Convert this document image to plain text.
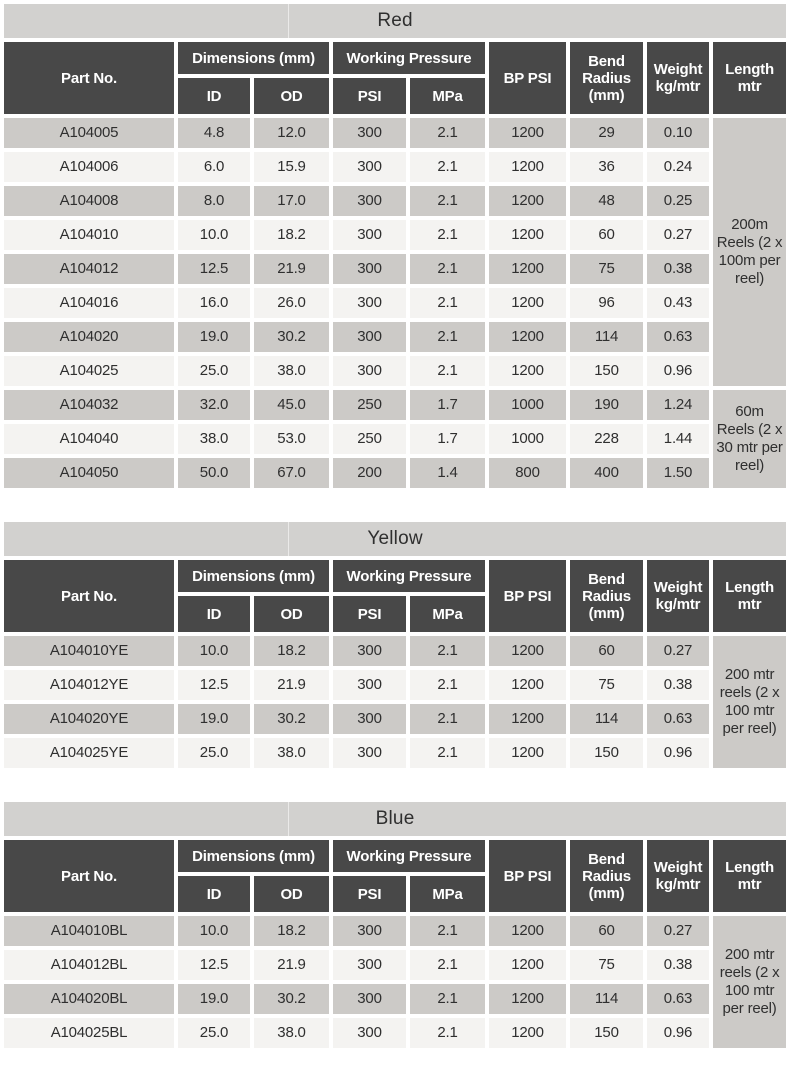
Red								
Part No.	Dimensions (mm)		Working Pressure		BP PSI	Bend Radius (mm)	Weight kg/mtr	Length mtr
	ID	OD	PSI	MPa				
A104005	4.8	12.0	300	2.1	1200	29	0.10	200m Reels (2 x 100m per reel)
A104006	6.0	15.9	300	2.1	1200	36	0.24	
A104008	8.0	17.0	300	2.1	1200	48	0.25	
A104010	10.0	18.2	300	2.1	1200	60	0.27	
A104012	12.5	21.9	300	2.1	1200	75	0.38	
A104016	16.0	26.0	300	2.1	1200	96	0.43	
A104020	19.0	30.2	300	2.1	1200	114	0.63	
A104025	25.0	38.0	300	2.1	1200	150	0.96	
A104032	32.0	45.0	250	1.7	1000	190	1.24	60m Reels (2 x 30 mtr per reel)
A104040	38.0	53.0	250	1.7	1000	228	1.44	
A104050	50.0	67.0	200	1.4	800	400	1.50	
Yellow								
Part No.	Dimensions (mm)		Working Pressure		BP PSI	Bend Radius (mm)	Weight kg/mtr	Length mtr
	ID	OD	PSI	MPa				
A104010YE	10.0	18.2	300	2.1	1200	60	0.27	200 mtr reels (2 x 100 mtr per reel)
A104012YE	12.5	21.9	300	2.1	1200	75	0.38	
A104020YE	19.0	30.2	300	2.1	1200	114	0.63	
A104025YE	25.0	38.0	300	2.1	1200	150	0.96	
Blue								
Part No.	Dimensions (mm)		Working Pressure		BP PSI	Bend Radius (mm)	Weight kg/mtr	Length mtr
	ID	OD	PSI	MPa				
A104010BL	10.0	18.2	300	2.1	1200	60	0.27	200 mtr reels (2 x 100 mtr per reel)
A104012BL	12.5	21.9	300	2.1	1200	75	0.38	
A104020BL	19.0	30.2	300	2.1	1200	114	0.63	
A104025BL	25.0	38.0	300	2.1	1200	150	0.96	
